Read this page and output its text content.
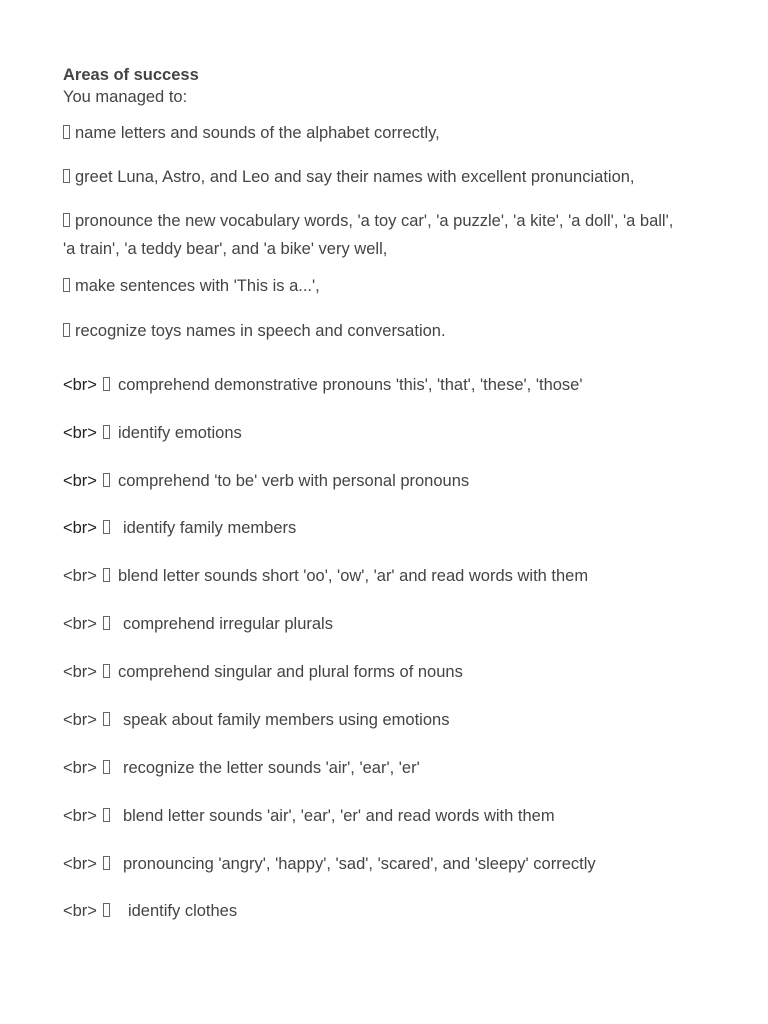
Areas of success
You managed to:
name letters and sounds of the alphabet correctly,
greet Luna, Astro, and Leo and say their names with excellent pronunciation,
pronounce the new vocabulary words, 'a toy car', 'a puzzle', 'a kite', 'a doll', 'a ball', 'a train', 'a teddy bear', and 'a bike' very well,
make sentences with 'This is a...',
recognize toys names in speech and conversation.
<br> comprehend demonstrative pronouns 'this', 'that', 'these', 'those'
<br> identify emotions
<br> comprehend 'to be' verb with personal pronouns
<br> identify family members
<br> blend letter sounds short 'oo', 'ow', 'ar' and read words with them
<br> comprehend irregular plurals
<br> comprehend singular and plural forms of nouns
<br> speak about family members using emotions
<br> recognize the letter sounds 'air', 'ear', 'er'
<br> blend letter sounds 'air', 'ear', 'er' and read words with them
<br> pronouncing 'angry', 'happy', 'sad', 'scared', and 'sleepy' correctly
<br> identify clothes
